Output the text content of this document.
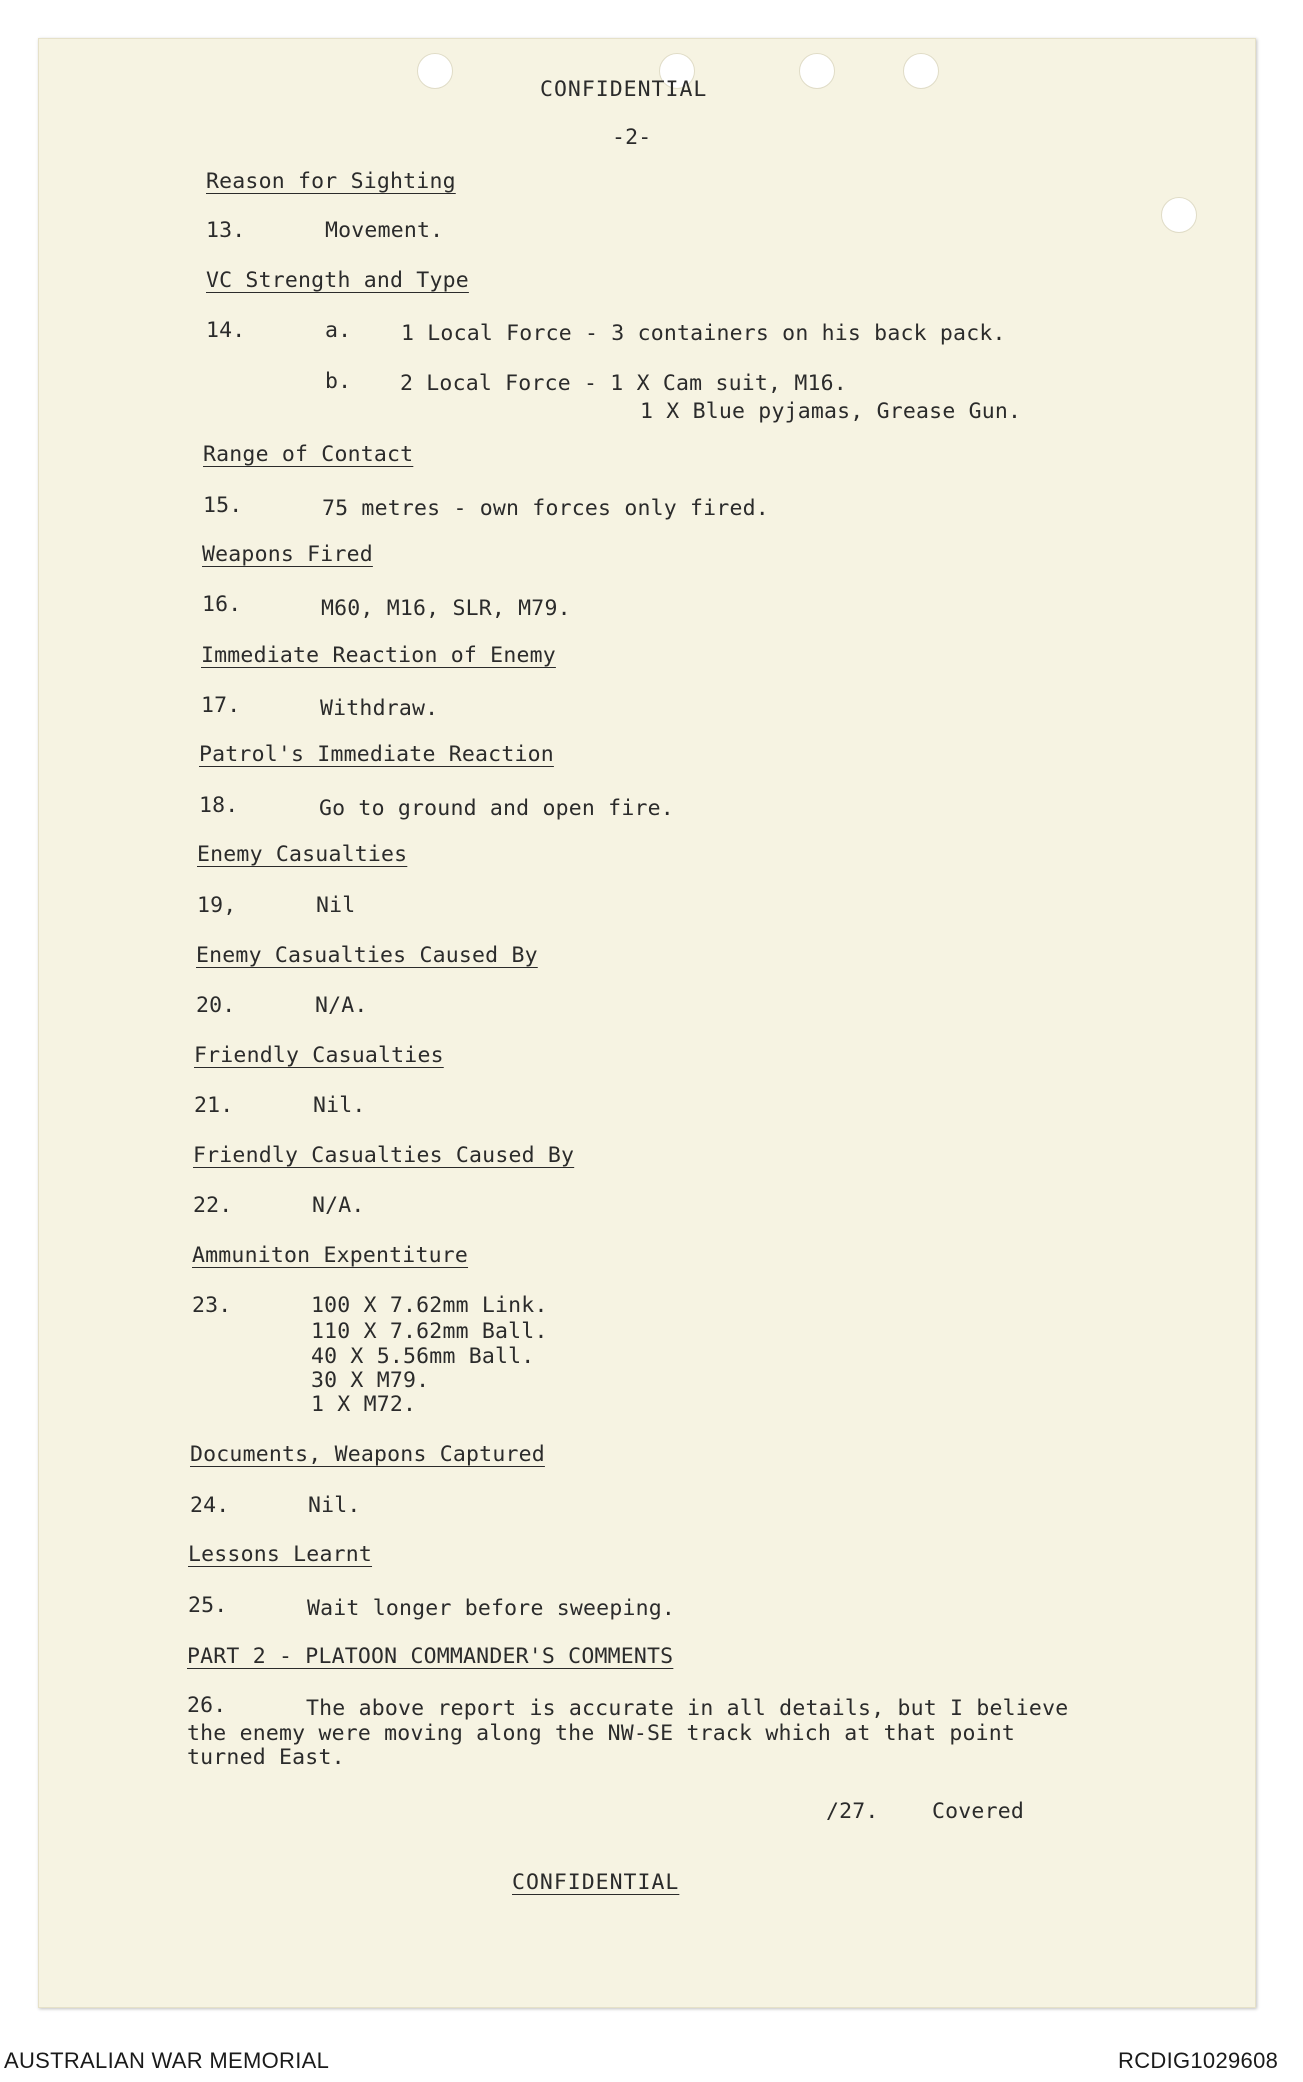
CONFIDENTIAL
-2-
Reason for Sighting
13.	Movement.
VC Strength and Type
14.	a. 1 Local Force - 3 containers on his back pack.
b. 2 Local Force - 1 X Cam suit, M16.
1 X Blue pyjamas, Grease Gun.
Range of Contact
15.	75 metres - own forces only fired.
Weapons Fired
16.	M60, M16, SLR, M79.
Immediate Reaction of Enemy
17.	Withdraw.
Patrol's Immediate Reaction
18.	Go to ground and open fire.
Enemy Casualties
19,	Nil
Enemy Casualties Caused By
20.	N/A.
Friendly Casualties
21.	Nil.
Friendly Casualties Caused By
22.	N/A.
Ammuniton Expentiture
23.	100 X 7.62mm Link.
110 X 7.62mm Ball.
40 X 5.56mm Ball.
30 X M79.
1 X M72.
Documents, Weapons Captured
24.	Nil.
Lessons Learnt
25.	Wait longer before sweeping.
PART 2 - PLATOON COMMANDER'S COMMENTS
26.	The above report is accurate in all details, but I believe
the enemy were moving along the NW-SE track which at that point
turned East.
/27. Covered
CONFIDENTIAL
AUSTRALIAN WAR MEMORIAL	RCDIG1029608
